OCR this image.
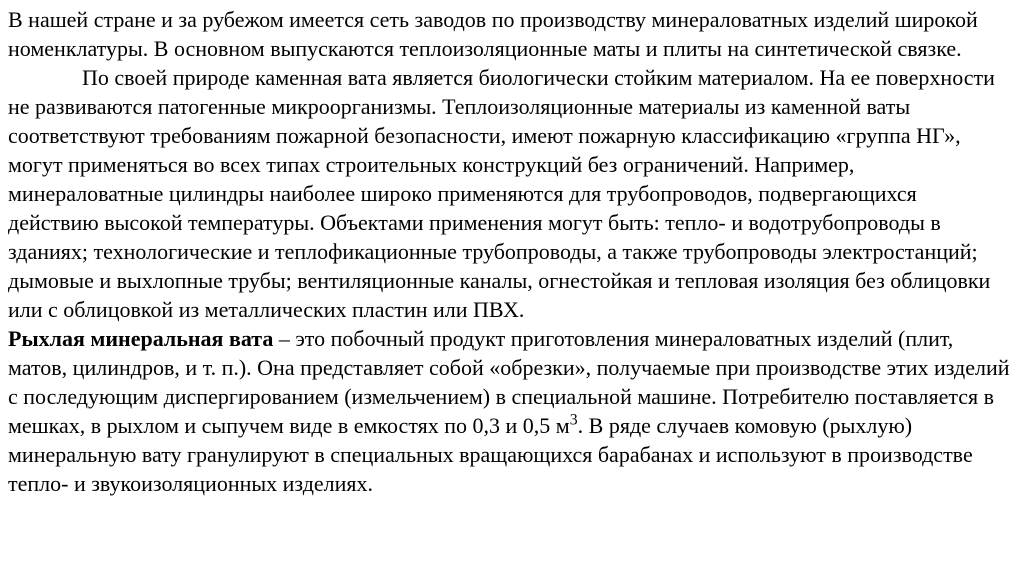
В нашей стране и за рубежом имеется сеть заводов по производству минераловатных изделий широкой номенклатуры. В основном выпускаются теплоизоляционные маты и плиты на синтетической связке.

По своей природе каменная вата является биологически стойким материалом. На ее поверхности не развиваются патогенные микроорганизмы. Теплоизоляционные материалы из каменной ваты соответствуют требованиям пожарной безопасности, имеют пожарную классификацию «группа НГ», могут применяться во всех типах строительных конструкций без ограничений. Например, минераловатные цилиндры наиболее широко применяются для трубопроводов, подвергающихся действию высокой температуры. Объектами применения могут быть: тепло- и водотрубопроводы в зданиях; технологические и теплофикационные трубопроводы, а также трубопроводы электростанций; дымовые и выхлопные трубы; вентиляционные каналы, огнестойкая и тепловая изоляция без облицовки или с облицовкой из металлических пластин или ПВХ.

Рыхлая минеральная вата – это побочный продукт приготовления минераловатных изделий (плит, матов, цилиндров, и т. п.). Она представляет собой «обрезки», получаемые при производстве этих изделий с последующим диспергированием (измельчением) в специальной машине. Потребителю поставляется в мешках, в рыхлом и сыпучем виде в емкостях по 0,3 и 0,5 $м^3$. В ряде случаев комовую (рыхлую) минеральную вату гранулируют в специальных вращающихся барабанах и используют в производстве тепло- и звукоизоляционных изделиях.
